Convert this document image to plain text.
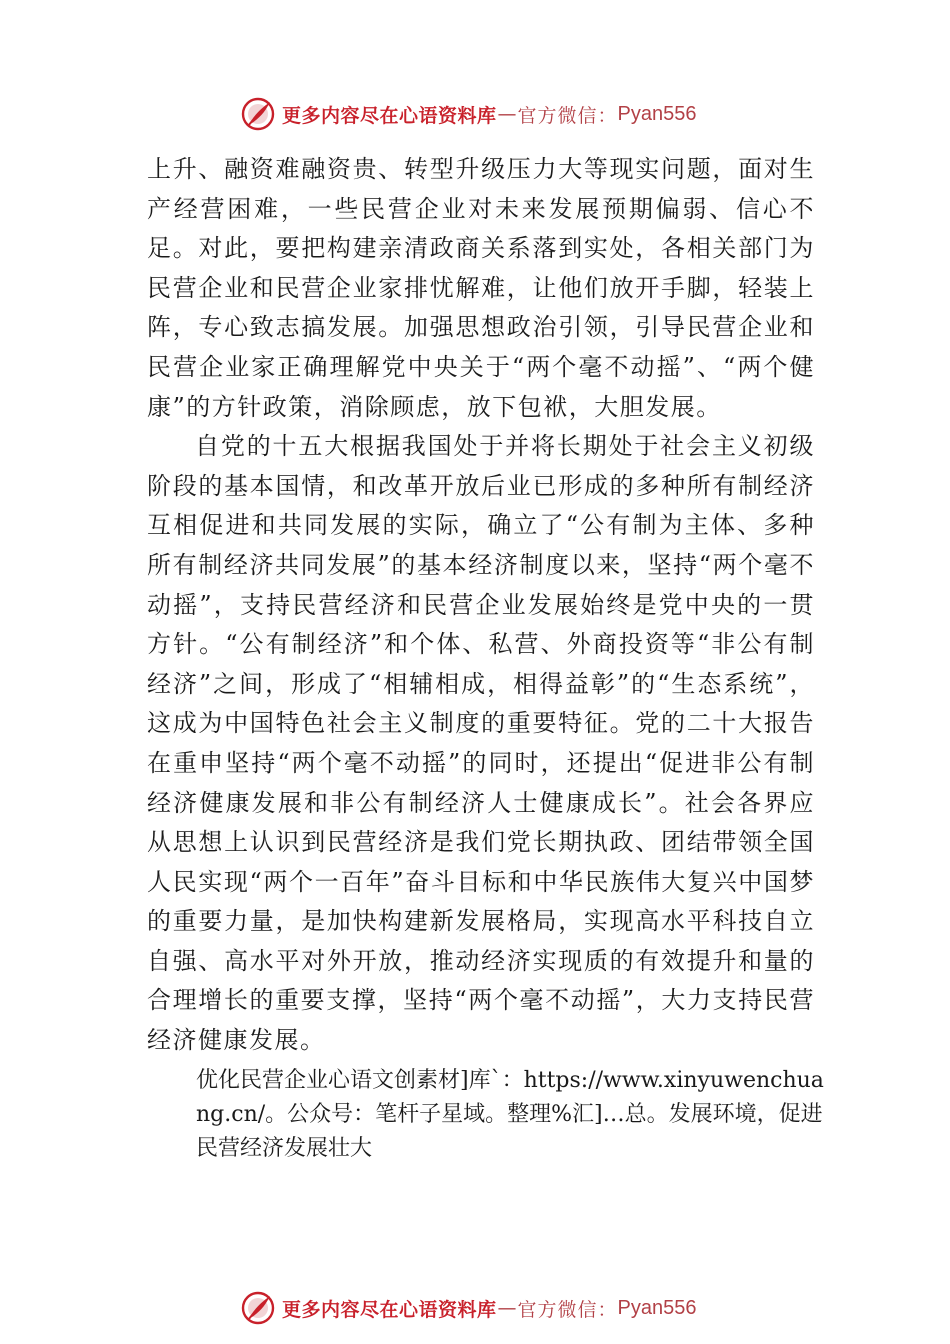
更多内容尽在心语资料库 — 官方微信： Pyan556

上升、融资难融资贵、转型升级压力大等现实问题，面对生产经营困难，一些民营企业对未来发展预期偏弱、信心不足。对此，要把构建亲清政商关系落到实处，各相关部门为民营企业和民营企业家排忧解难，让他们放开手脚，轻装上阵，专心致志搞发展。加强思想政治引领，引导民营企业和民营企业家正确理解党中央关于“两个毫不动摇”、“两个健康”的方针政策，消除顾虑，放下包袱，大胆发展。

自党的十五大根据我国处于并将长期处于社会主义初级阶段的基本国情，和改革开放后业已形成的多种所有制经济互相促进和共同发展的实际，确立了“公有制为主体、多种所有制经济共同发展”的基本经济制度以来，坚持“两个毫不动摇”，支持民营经济和民营企业发展始终是党中央的一贯方针。“公有制经济”和个体、私营、外商投资等“非公有制经济”之间，形成了“相辅相成，相得益彰”的“生态系统”，这成为中国特色社会主义制度的重要特征。党的二十大报告在重申坚持“两个毫不动摇”的同时，还提出“促进非公有制经济健康发展和非公有制经济人士健康成长”。社会各界应从思想上认识到民营经济是我们党长期执政、团结带领全国人民实现“两个一百年”奋斗目标和中华民族伟大复兴中国梦的重要力量，是加快构建新发展格局，实现高水平科技自立自强、高水平对外开放，推动经济实现质的有效提升和量的合理增长的重要支撑，坚持“两个毫不动摇”，大力支持民营经济健康发展。

优化民营企业心语文创素材]库`：https://www.xinyuwenchuang.cn/。公众号：笔杆子星域。整理%汇]…总。发展环境，促进民营经济发展壮大
更多内容尽在心语资料库 — 官方微信： Pyan556
